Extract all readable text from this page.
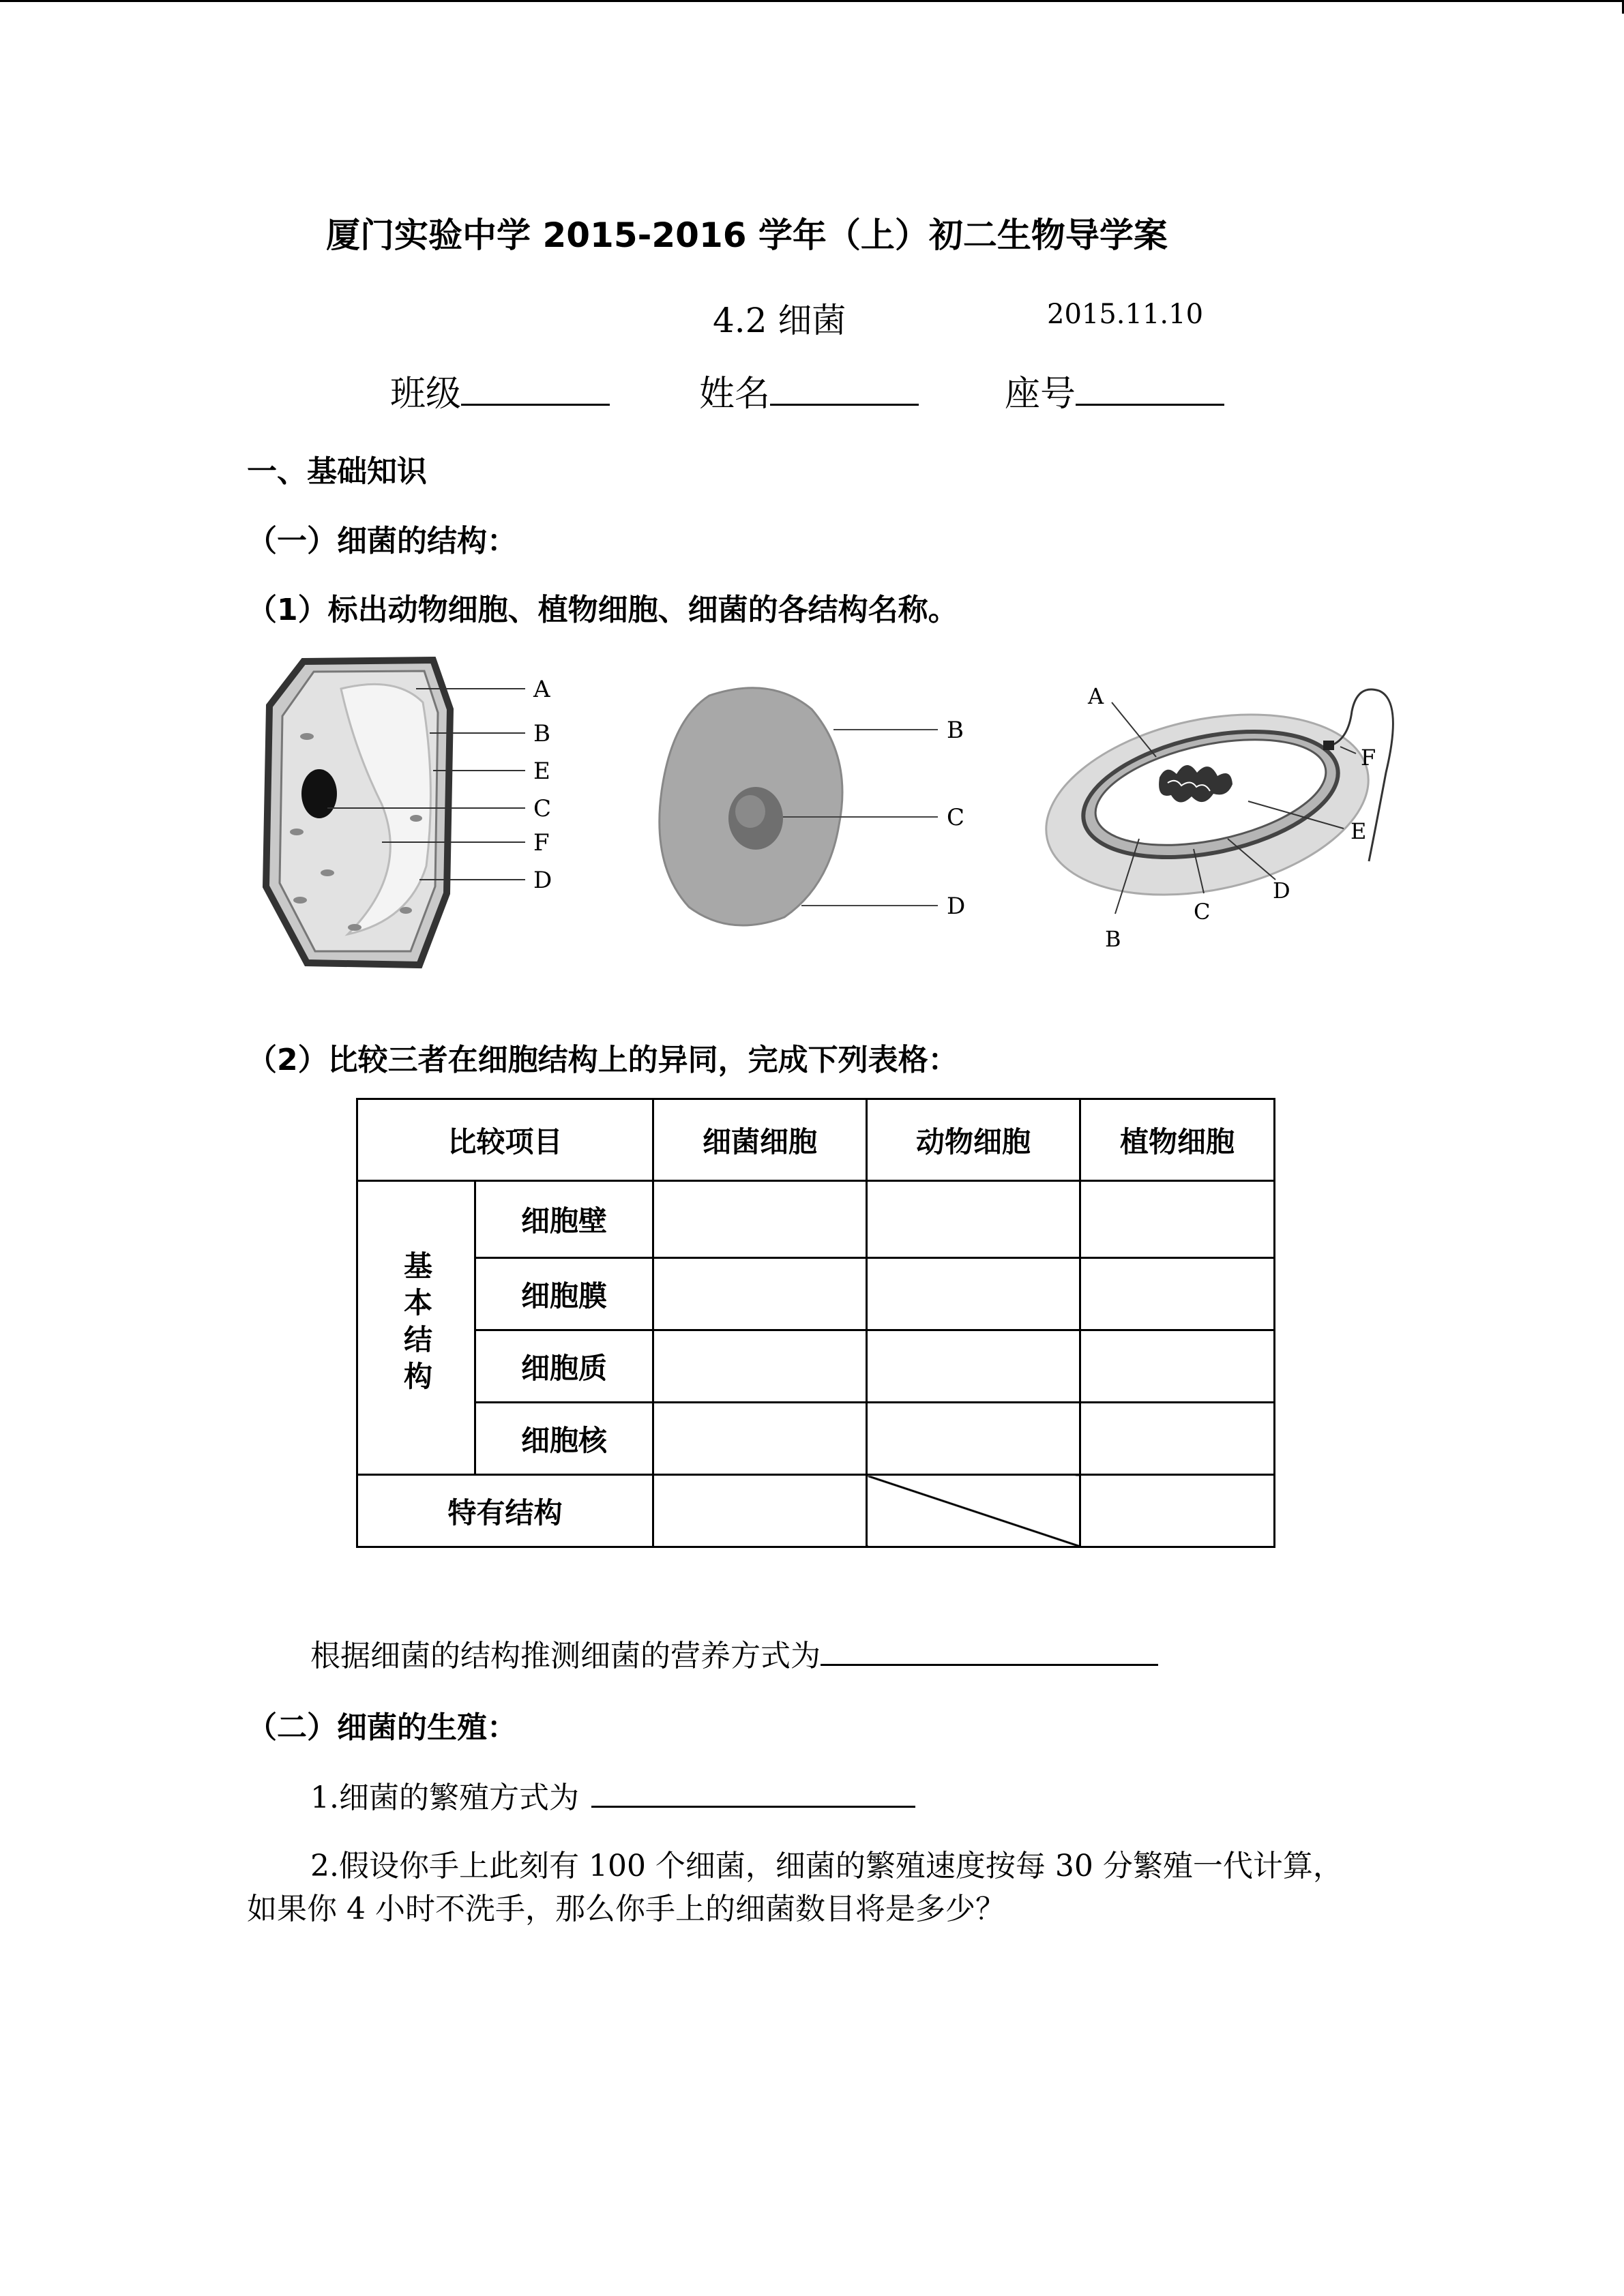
厦门实验中学 2015-2016 学年（上）初二生物导学案
4.2 细菌	2015.11.10
班级	姓名	座号
一、基础知识
（一）细菌的结构：
（1）标出动物细胞、植物细胞、细菌的各结构名称。
A
B
E
C
F
D
B
C
D
A
F
E
D
C
B
（2）比较三者在细胞结构上的异同，完成下列表格：
比较项目		细菌细胞	动物细胞	植物细胞
基本结构	细胞壁			
	细胞膜			
	细胞质			
	细胞核			
特有结构				
根据细菌的结构推测细菌的营养方式为
（二）细菌的生殖：
1.细菌的繁殖方式为
2.假设你手上此刻有 100 个细菌，细菌的繁殖速度按每 30 分繁殖一代计算，
如果你 4 小时不洗手，那么你手上的细菌数目将是多少？
